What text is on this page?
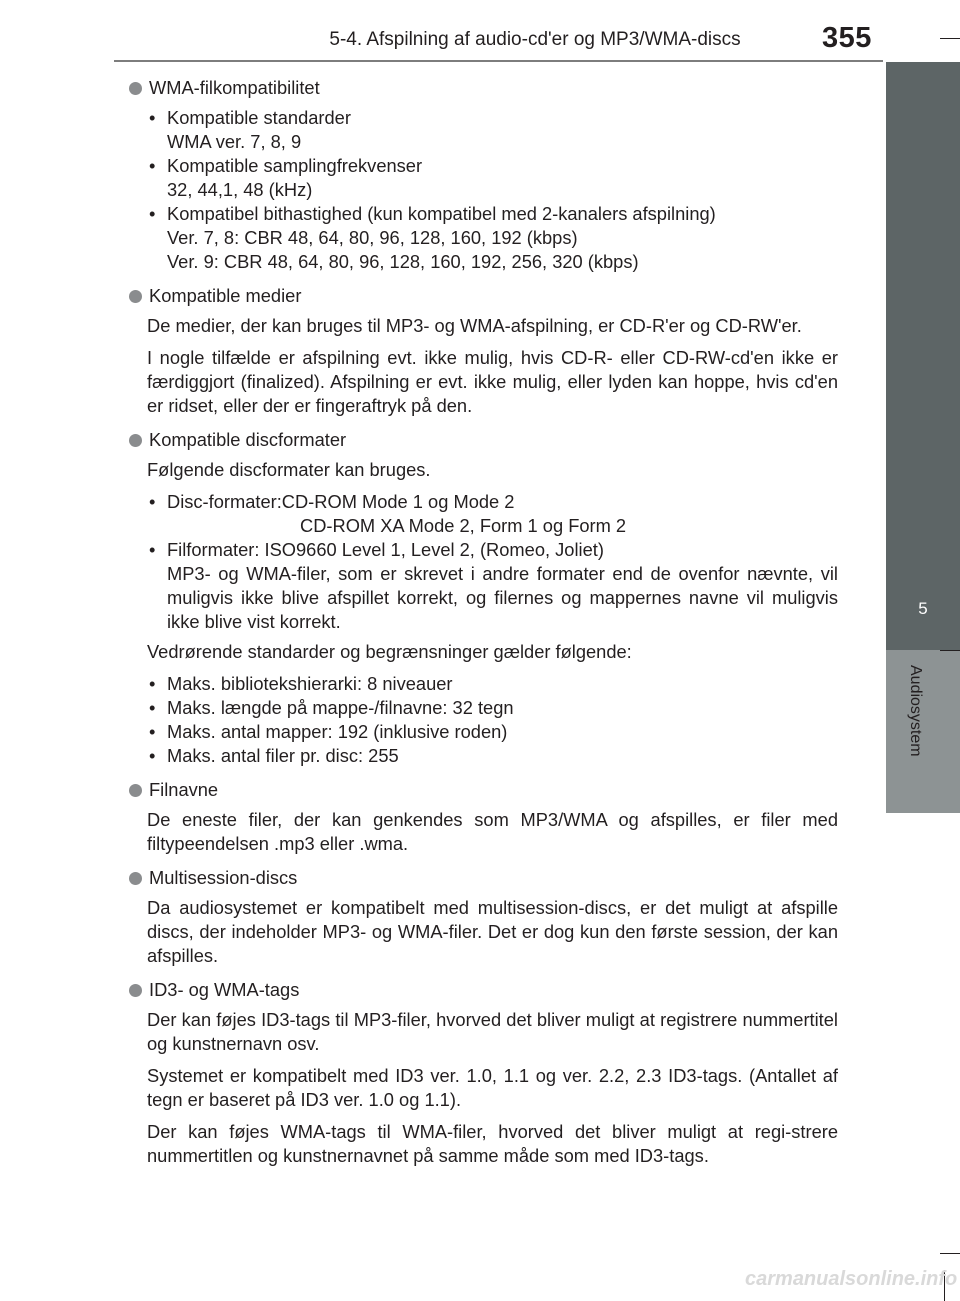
5-4. Afspilning af audio-cd'er og MP3/WMA-discs	355
5
Audiosystem
WMA-filkompatibilitet
• Kompatible standarder
WMA ver. 7, 8, 9
• Kompatible samplingfrekvenser
32, 44,1, 48 (kHz)
• Kompatibel bithastighed (kun kompatibel med 2-kanalers afspilning)
Ver. 7, 8: CBR 48, 64, 80, 96, 128, 160, 192 (kbps)
Ver. 9: CBR 48, 64, 80, 96, 128, 160, 192, 256, 320 (kbps)
Kompatible medier
De medier, der kan bruges til MP3- og WMA-afspilning, er CD-R'er og CD-RW'er.
I nogle tilfælde er afspilning evt. ikke mulig, hvis CD-R- eller CD-RW-cd'en ikke er færdiggjort (finalized). Afspilning er evt. ikke mulig, eller lyden kan hoppe, hvis cd'en er ridset, eller der er fingeraftryk på den.
Kompatible discformater
Følgende discformater kan bruges.
• Disc-formater:CD-ROM Mode 1 og Mode 2
CD-ROM XA Mode 2, Form 1 og Form 2
• Filformater: ISO9660 Level 1, Level 2, (Romeo, Joliet)
MP3- og WMA-filer, som er skrevet i andre formater end de ovenfor nævnte, vil muligvis ikke blive afspillet korrekt, og filernes og mappernes navne vil muligvis ikke blive vist korrekt.
Vedrørende standarder og begrænsninger gælder følgende:
• Maks. bibliotekshierarki: 8 niveauer
• Maks. længde på mappe-/filnavne: 32 tegn
• Maks. antal mapper: 192 (inklusive roden)
• Maks. antal filer pr. disc: 255
Filnavne
De eneste filer, der kan genkendes som MP3/WMA og afspilles, er filer med filtypeendelsen .mp3 eller .wma.
Multisession-discs
Da audiosystemet er kompatibelt med multisession-discs, er det muligt at afspille discs, der indeholder MP3- og WMA-filer. Det er dog kun den første session, der kan afspilles.
ID3- og WMA-tags
Der kan føjes ID3-tags til MP3-filer, hvorved det bliver muligt at registrere nummertitel og kunstnernavn osv.
Systemet er kompatibelt med ID3 ver. 1.0, 1.1 og ver. 2.2, 2.3 ID3-tags. (Antallet af tegn er baseret på ID3 ver. 1.0 og 1.1).
Der kan føjes WMA-tags til WMA-filer, hvorved det bliver muligt at regi-strere nummertitlen og kunstnernavnet på samme måde som med ID3-tags.
carmanualsonline.info
